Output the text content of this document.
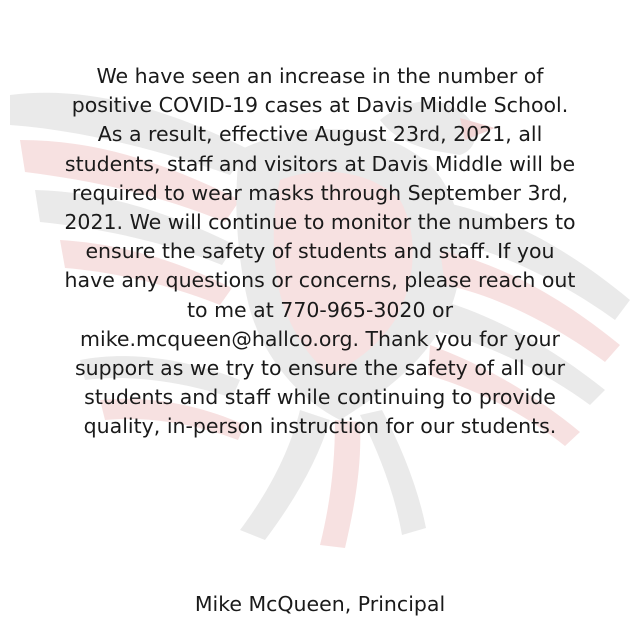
We have seen an increase in the number of
positive COVID-19 cases at Davis Middle School.
As a result, effective August 23rd, 2021, all
students, staff and visitors at Davis Middle will be
required to wear masks through September 3rd,
2021. We will continue to monitor the numbers to
ensure the safety of students and staff. If you
have any questions or concerns, please reach out
to me at 770-965-3020 or
mike.mcqueen@hallco.org. Thank you for your
support as we try to ensure the safety of all our
students and staff while continuing to provide
quality, in-person instruction for our students.
Mike McQueen, Principal
